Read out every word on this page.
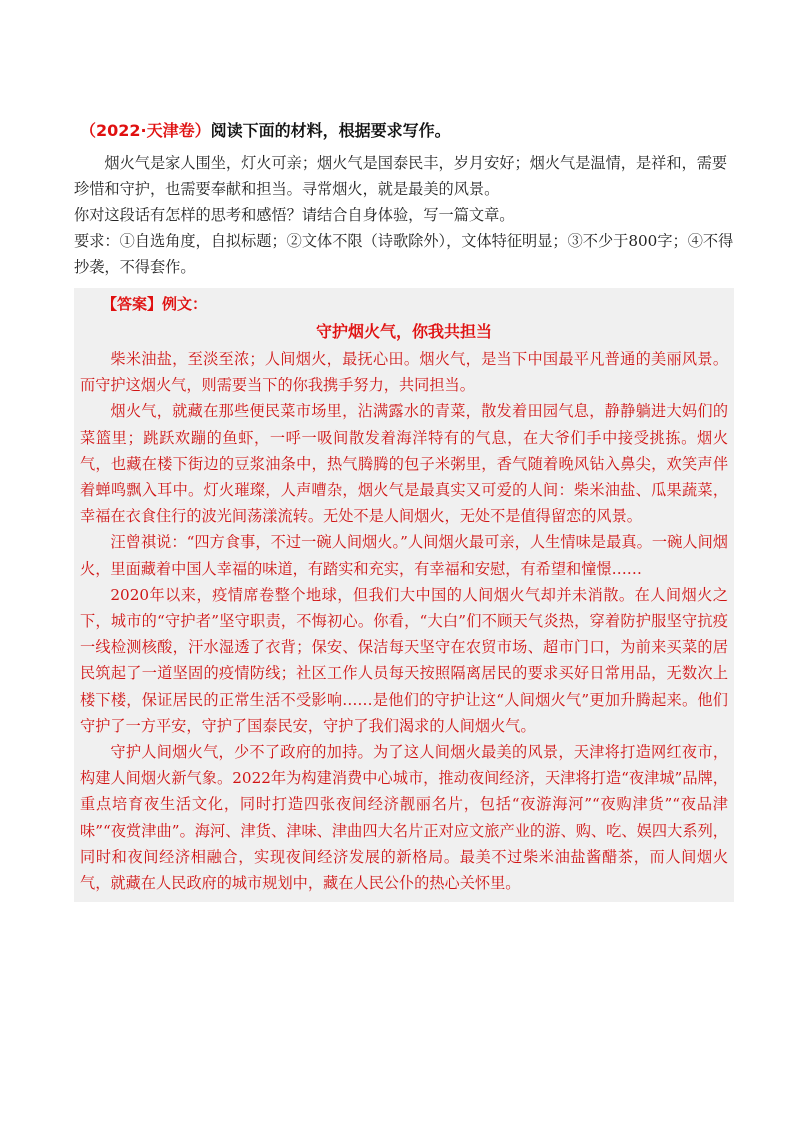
（2022·天津卷）阅读下面的材料，根据要求写作。

烟火气是家人围坐，灯火可亲；烟火气是国泰民丰，岁月安好；烟火气是温情，是祥和，需要珍惜和守护，也需要奉献和担当。寻常烟火，就是最美的风景。

你对这段话有怎样的思考和感悟？请结合自身体验，写一篇文章。

要求：①自选角度，自拟标题；②文体不限（诗歌除外），文体特征明显；③不少于800字；④不得抄袭，不得套作。

【答案】例文：
守护烟火气，你我共担当

柴米油盐，至淡至浓；人间烟火，最抚心田。烟火气，是当下中国最平凡普通的美丽风景。而守护这烟火气，则需要当下的你我携手努力，共同担当。

烟火气，就藏在那些便民菜市场里，沾满露水的青菜，散发着田园气息，静静躺进大妈们的菜篮里；跳跃欢蹦的鱼虾，一呼一吸间散发着海洋特有的气息，在大爷们手中接受挑拣。烟火气，也藏在楼下街边的豆浆油条中，热气腾腾的包子米粥里，香气随着晚风钻入鼻尖，欢笑声伴着蝉鸣飘入耳中。灯火璀璨，人声嘈杂，烟火气是最真实又可爱的人间：柴米油盐、瓜果蔬菜，幸福在衣食住行的波光间荡漾流转。无处不是人间烟火，无处不是值得留恋的风景。

汪曾祺说：“四方食事，不过一碗人间烟火。”人间烟火最可亲，人生情味是最真。一碗人间烟火，里面藏着中国人幸福的味道，有踏实和充实，有幸福和安慰，有希望和憧憬……

2020年以来，疫情席卷整个地球，但我们大中国的人间烟火气却并未消散。在人间烟火之下，城市的“守护者”坚守职责，不悔初心。你看，“大白”们不顾天气炎热，穿着防护服坚守抗疫一线检测核酸，汗水湿透了衣背；保安、保洁每天坚守在农贸市场、超市门口，为前来买菜的居民筑起了一道坚固的疫情防线；社区工作人员每天按照隔离居民的要求买好日常用品，无数次上楼下楼，保证居民的正常生活不受影响……是他们的守护让这“人间烟火气”更加升腾起来。他们守护了一方平安，守护了国泰民安，守护了我们渴求的人间烟火气。

守护人间烟火气，少不了政府的加持。为了这人间烟火最美的风景，天津将打造网红夜市，构建人间烟火新气象。2022年为构建消费中心城市，推动夜间经济，天津将打造“夜津城”品牌，重点培育夜生活文化，同时打造四张夜间经济靓丽名片，包括“夜游海河”“夜购津货”“夜品津味”“夜赏津曲”。海河、津货、津味、津曲四大名片正对应文旅产业的游、购、吃、娱四大系列，同时和夜间经济相融合，实现夜间经济发展的新格局。最美不过柴米油盐酱醋茶，而人间烟火气，就藏在人民政府的城市规划中，藏在人民公仆的热心关怀里。
